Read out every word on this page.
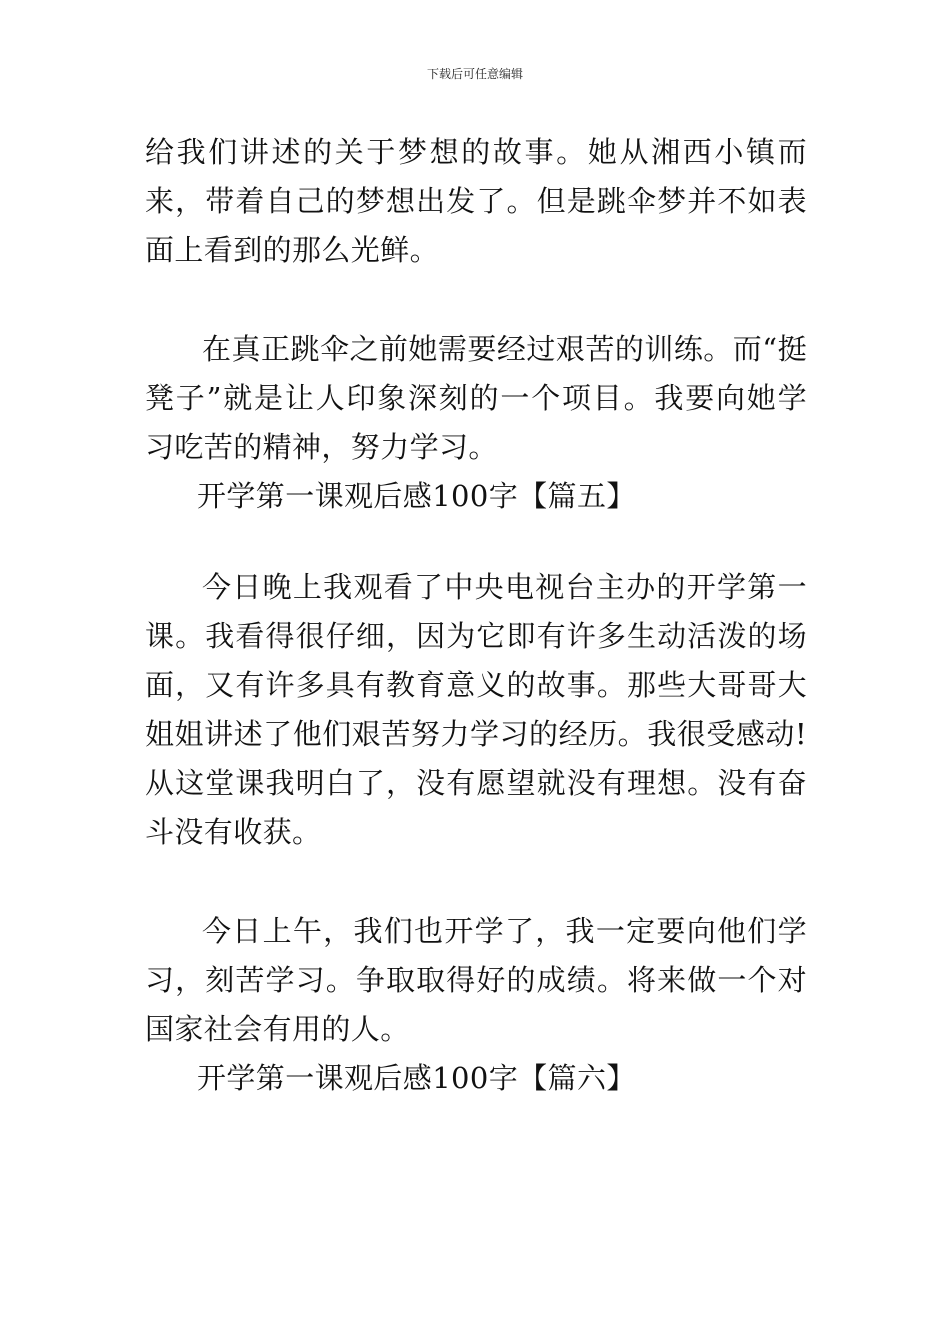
下载后可任意编辑

给我们讲述的关于梦想的故事。她从湘西小镇而来，带着自己的梦想出发了。但是跳伞梦并不如表面上看到的那么光鲜。

在真正跳伞之前她需要经过艰苦的训练。而“挺凳子”就是让人印象深刻的一个项目。我要向她学习吃苦的精神，努力学习。

开学第一课观后感100字【篇五】

今日晚上我观看了中央电视台主办的开学第一课。我看得很仔细，因为它即有许多生动活泼的场面，又有许多具有教育意义的故事。那些大哥哥大姐姐讲述了他们艰苦努力学习的经历。我很受感动!从这堂课我明白了，没有愿望就没有理想。没有奋斗没有收获。

今日上午，我们也开学了，我一定要向他们学习，刻苦学习。争取取得好的成绩。将来做一个对国家社会有用的人。

开学第一课观后感100字【篇六】
